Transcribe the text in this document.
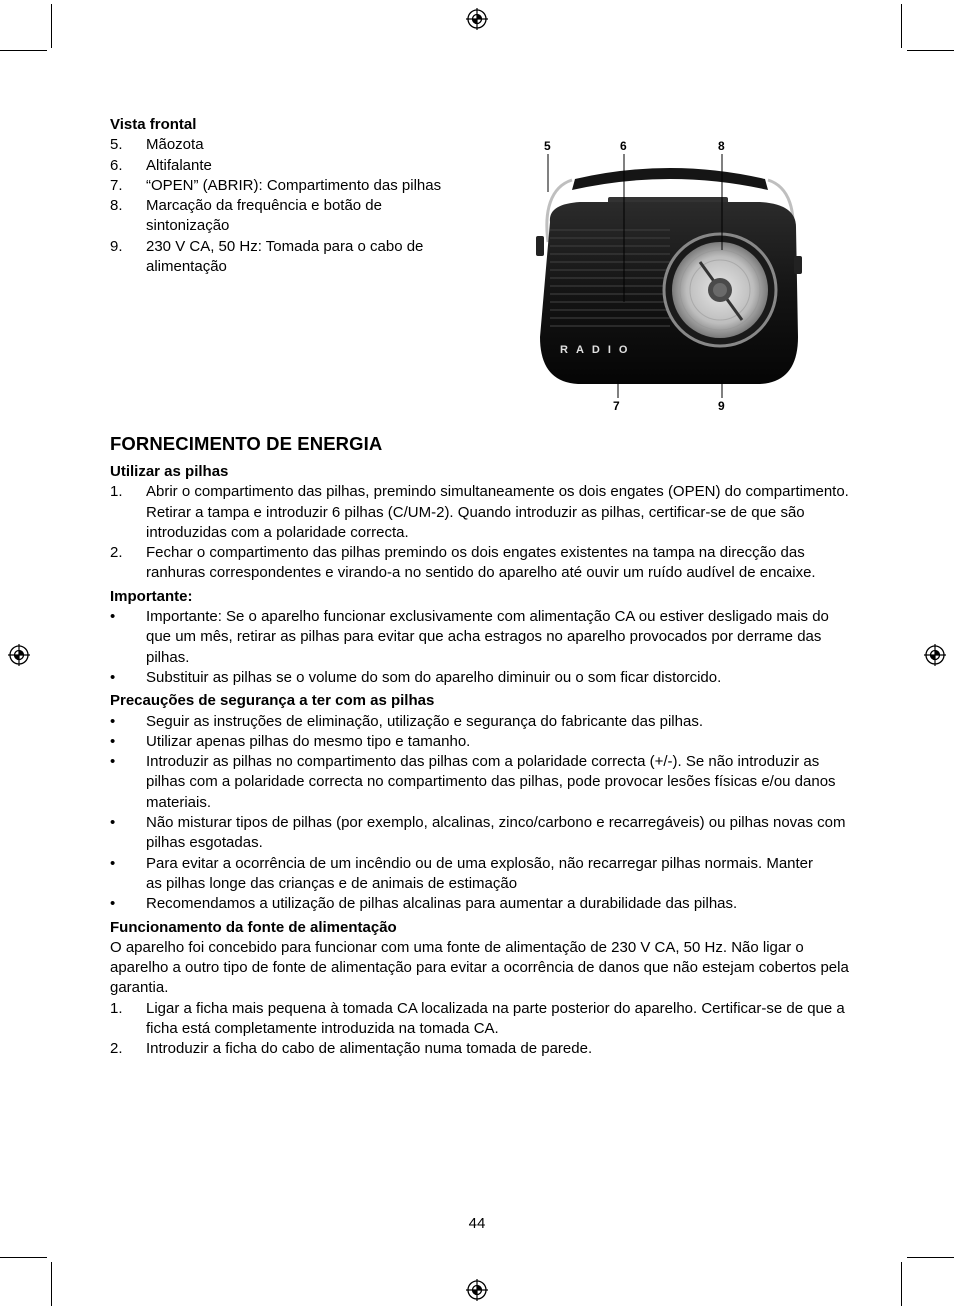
Vista frontal
5. Mãozota
6. Altifalante
7. “OPEN” (ABRIR): Compartimento das pilhas
8. Marcação da frequência e botão de sintonização
9. 230 V CA, 50 Hz: Tomada para o cabo de alimentação
5	6	8
7	9
RADIO
FORNECIMENTO DE ENERGIA
Utilizar as pilhas
1. Abrir o compartimento das pilhas, premindo simultaneamente os dois engates (OPEN) do compartimento.
Retirar a tampa e introduzir 6 pilhas (C/UM-2). Quando introduzir as pilhas, certificar-se de que são introduzidas com a polaridade correcta.
2. Fechar o compartimento das pilhas premindo os dois engates existentes na tampa na direcção das ranhuras correspondentes e virando-a no sentido do aparelho até ouvir um ruído audível de encaixe.
Importante:
• Importante: Se o aparelho funcionar exclusivamente com alimentação CA ou estiver desligado mais do que um mês, retirar as pilhas para evitar que acha estragos no aparelho provocados por derrame das pilhas.
• Substituir as pilhas se o volume do som do aparelho diminuir ou o som ficar distorcido.
Precauções de segurança a ter com as pilhas
• Seguir as instruções de eliminação, utilização e segurança do fabricante das pilhas.
• Utilizar apenas pilhas do mesmo tipo e tamanho.
• Introduzir as pilhas no compartimento das pilhas com a polaridade correcta (+/-). Se não introduzir as pilhas com a polaridade correcta no compartimento das pilhas, pode provocar lesões físicas e/ou danos materiais.
• Não misturar tipos de pilhas (por exemplo, alcalinas, zinco/carbono e recarregáveis) ou pilhas novas com pilhas esgotadas.
• Para evitar a ocorrência de um incêndio ou de uma explosão, não recarregar pilhas normais. Manter as pilhas longe das crianças e de animais de estimação
• Recomendamos a utilização de pilhas alcalinas para aumentar a durabilidade das pilhas.
Funcionamento da fonte de alimentação
O aparelho foi concebido para funcionar com uma fonte de alimentação de 230 V CA, 50 Hz. Não ligar o aparelho a outro tipo de fonte de alimentação para evitar a ocorrência de danos que não estejam cobertos pela garantia.
1. Ligar a ficha mais pequena à tomada CA localizada na parte posterior do aparelho. Certificar-se de que a ficha está completamente introduzida na tomada CA.
2. Introduzir a ficha do cabo de alimentação numa tomada de parede.
44
